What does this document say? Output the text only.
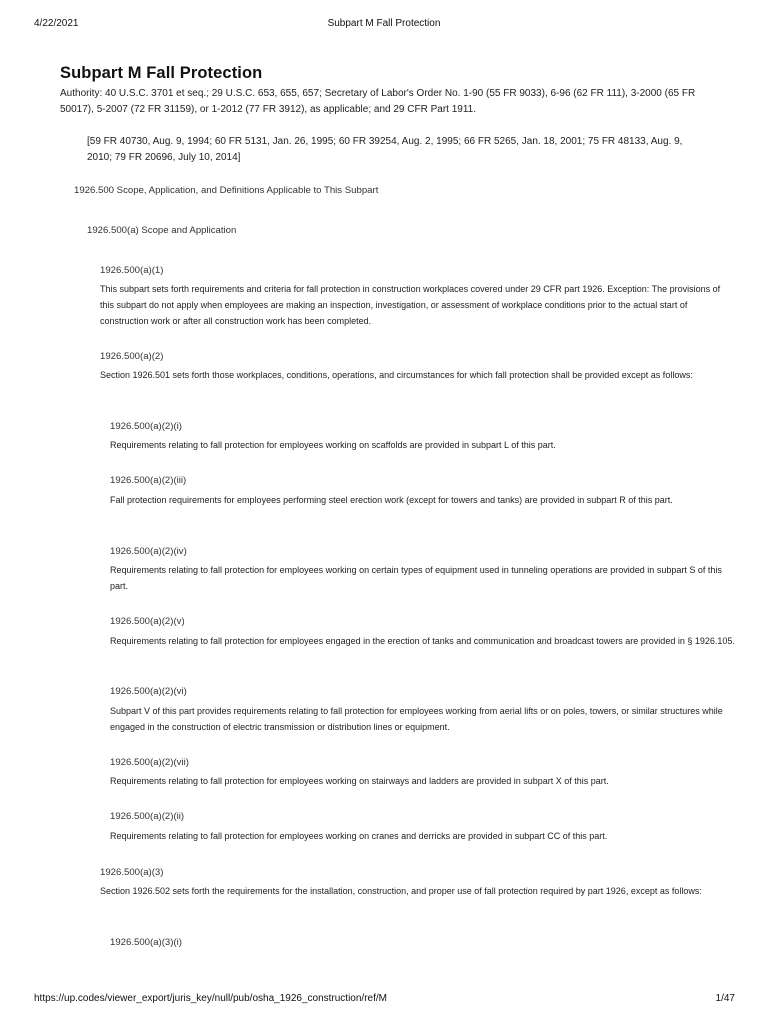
4/22/2021	Subpart M Fall Protection
Subpart M Fall Protection
Authority: 40 U.S.C. 3701 et seq.; 29 U.S.C. 653, 655, 657; Secretary of Labor's Order No. 1-90 (55 FR 9033), 6-96 (62 FR 111), 3-2000 (65 FR 50017), 5-2007 (72 FR 31159), or 1-2012 (77 FR 3912), as applicable; and 29 CFR Part 1911.
[59 FR 40730, Aug. 9, 1994; 60 FR 5131, Jan. 26, 1995; 60 FR 39254, Aug. 2, 1995; 66 FR 5265, Jan. 18, 2001; 75 FR 48133, Aug. 9, 2010; 79 FR 20696, July 10, 2014]
1926.500 Scope, Application, and Definitions Applicable to This Subpart
1926.500(a) Scope and Application
1926.500(a)(1)
This subpart sets forth requirements and criteria for fall protection in construction workplaces covered under 29 CFR part 1926. Exception: The provisions of this subpart do not apply when employees are making an inspection, investigation, or assessment of workplace conditions prior to the actual start of construction work or after all construction work has been completed.
1926.500(a)(2)
Section 1926.501 sets forth those workplaces, conditions, operations, and circumstances for which fall protection shall be provided except as follows:
1926.500(a)(2)(i)
Requirements relating to fall protection for employees working on scaffolds are provided in subpart L of this part.
1926.500(a)(2)(iii)
Fall protection requirements for employees performing steel erection work (except for towers and tanks) are provided in subpart R of this part.
1926.500(a)(2)(iv)
Requirements relating to fall protection for employees working on certain types of equipment used in tunneling operations are provided in subpart S of this part.
1926.500(a)(2)(v)
Requirements relating to fall protection for employees engaged in the erection of tanks and communication and broadcast towers are provided in § 1926.105.
1926.500(a)(2)(vi)
Subpart V of this part provides requirements relating to fall protection for employees working from aerial lifts or on poles, towers, or similar structures while engaged in the construction of electric transmission or distribution lines or equipment.
1926.500(a)(2)(vii)
Requirements relating to fall protection for employees working on stairways and ladders are provided in subpart X of this part.
1926.500(a)(2)(ii)
Requirements relating to fall protection for employees working on cranes and derricks are provided in subpart CC of this part.
1926.500(a)(3)
Section 1926.502 sets forth the requirements for the installation, construction, and proper use of fall protection required by part 1926, except as follows:
1926.500(a)(3)(i)
https://up.codes/viewer_export/juris_key/null/pub/osha_1926_construction/ref/M	1/47
